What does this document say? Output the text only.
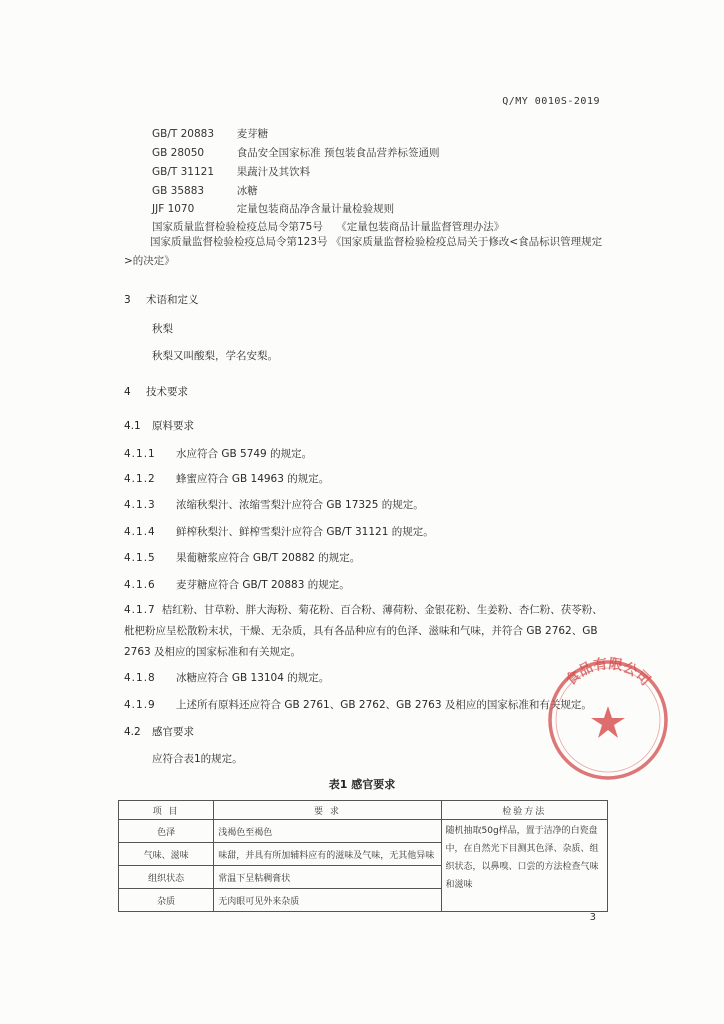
Q/MY 0010S-2019
GB/T 20883 麦芽糖
GB 28050	食品安全国家标准 预包装食品营养标签通则
GB/T 31121 果蔬汁及其饮料
GB 35883	冰糖
JJF 1070	定量包装商品净含量计量检验规则
国家质量监督检验检疫总局令第75号 《定量包装商品计量监督管理办法》
国家质量监督检验检疫总局令第123号 《国家质量监督检验检疫总局关于修改<食品标识管理规定>的决定》
3 术语和定义
秋梨
秋梨又叫酸梨，学名安梨。
4 技术要求
4.1 原料要求
4.1.1 水应符合 GB 5749 的规定。
4.1.2 蜂蜜应符合 GB 14963 的规定。
4.1.3 浓缩秋梨汁、浓缩雪梨汁应符合 GB 17325 的规定。
4.1.4 鲜榨秋梨汁、鲜榨雪梨汁应符合 GB/T 31121 的规定。
4.1.5 果葡糖浆应符合 GB/T 20882 的规定。
4.1.6 麦芽糖应符合 GB/T 20883 的规定。
4.1.7 桔红粉、甘草粉、胖大海粉、菊花粉、百合粉、薄荷粉、金银花粉、生姜粉、杏仁粉、茯苓粉、枇杷粉应呈松散粉末状，干燥、无杂质，具有各品种应有的色泽、滋味和气味，并符合 GB 2762、GB 2763 及相应的国家标准和有关规定。
4.1.8 冰糖应符合 GB 13104 的规定。
4.1.9 上述所有原料还应符合 GB 2761、GB 2762、GB 2763 及相应的国家标准和有关规定。
4.2 感官要求
应符合表1的规定。
表1 感官要求
项 目	要 求	检验方法
色泽	浅褐色至褐色	随机抽取50g样品，置于洁净的白瓷盘中，在自然光下目测其色泽、杂质、组织状态，以鼻嗅、口尝的方法检查气味和滋味
气味、滋味	味甜，并具有所加辅料应有的滋味及气味，无其他异味	
组织状态	常温下呈粘稠膏状	
杂质	无肉眼可见外来杂质	
3
食品有限公司
